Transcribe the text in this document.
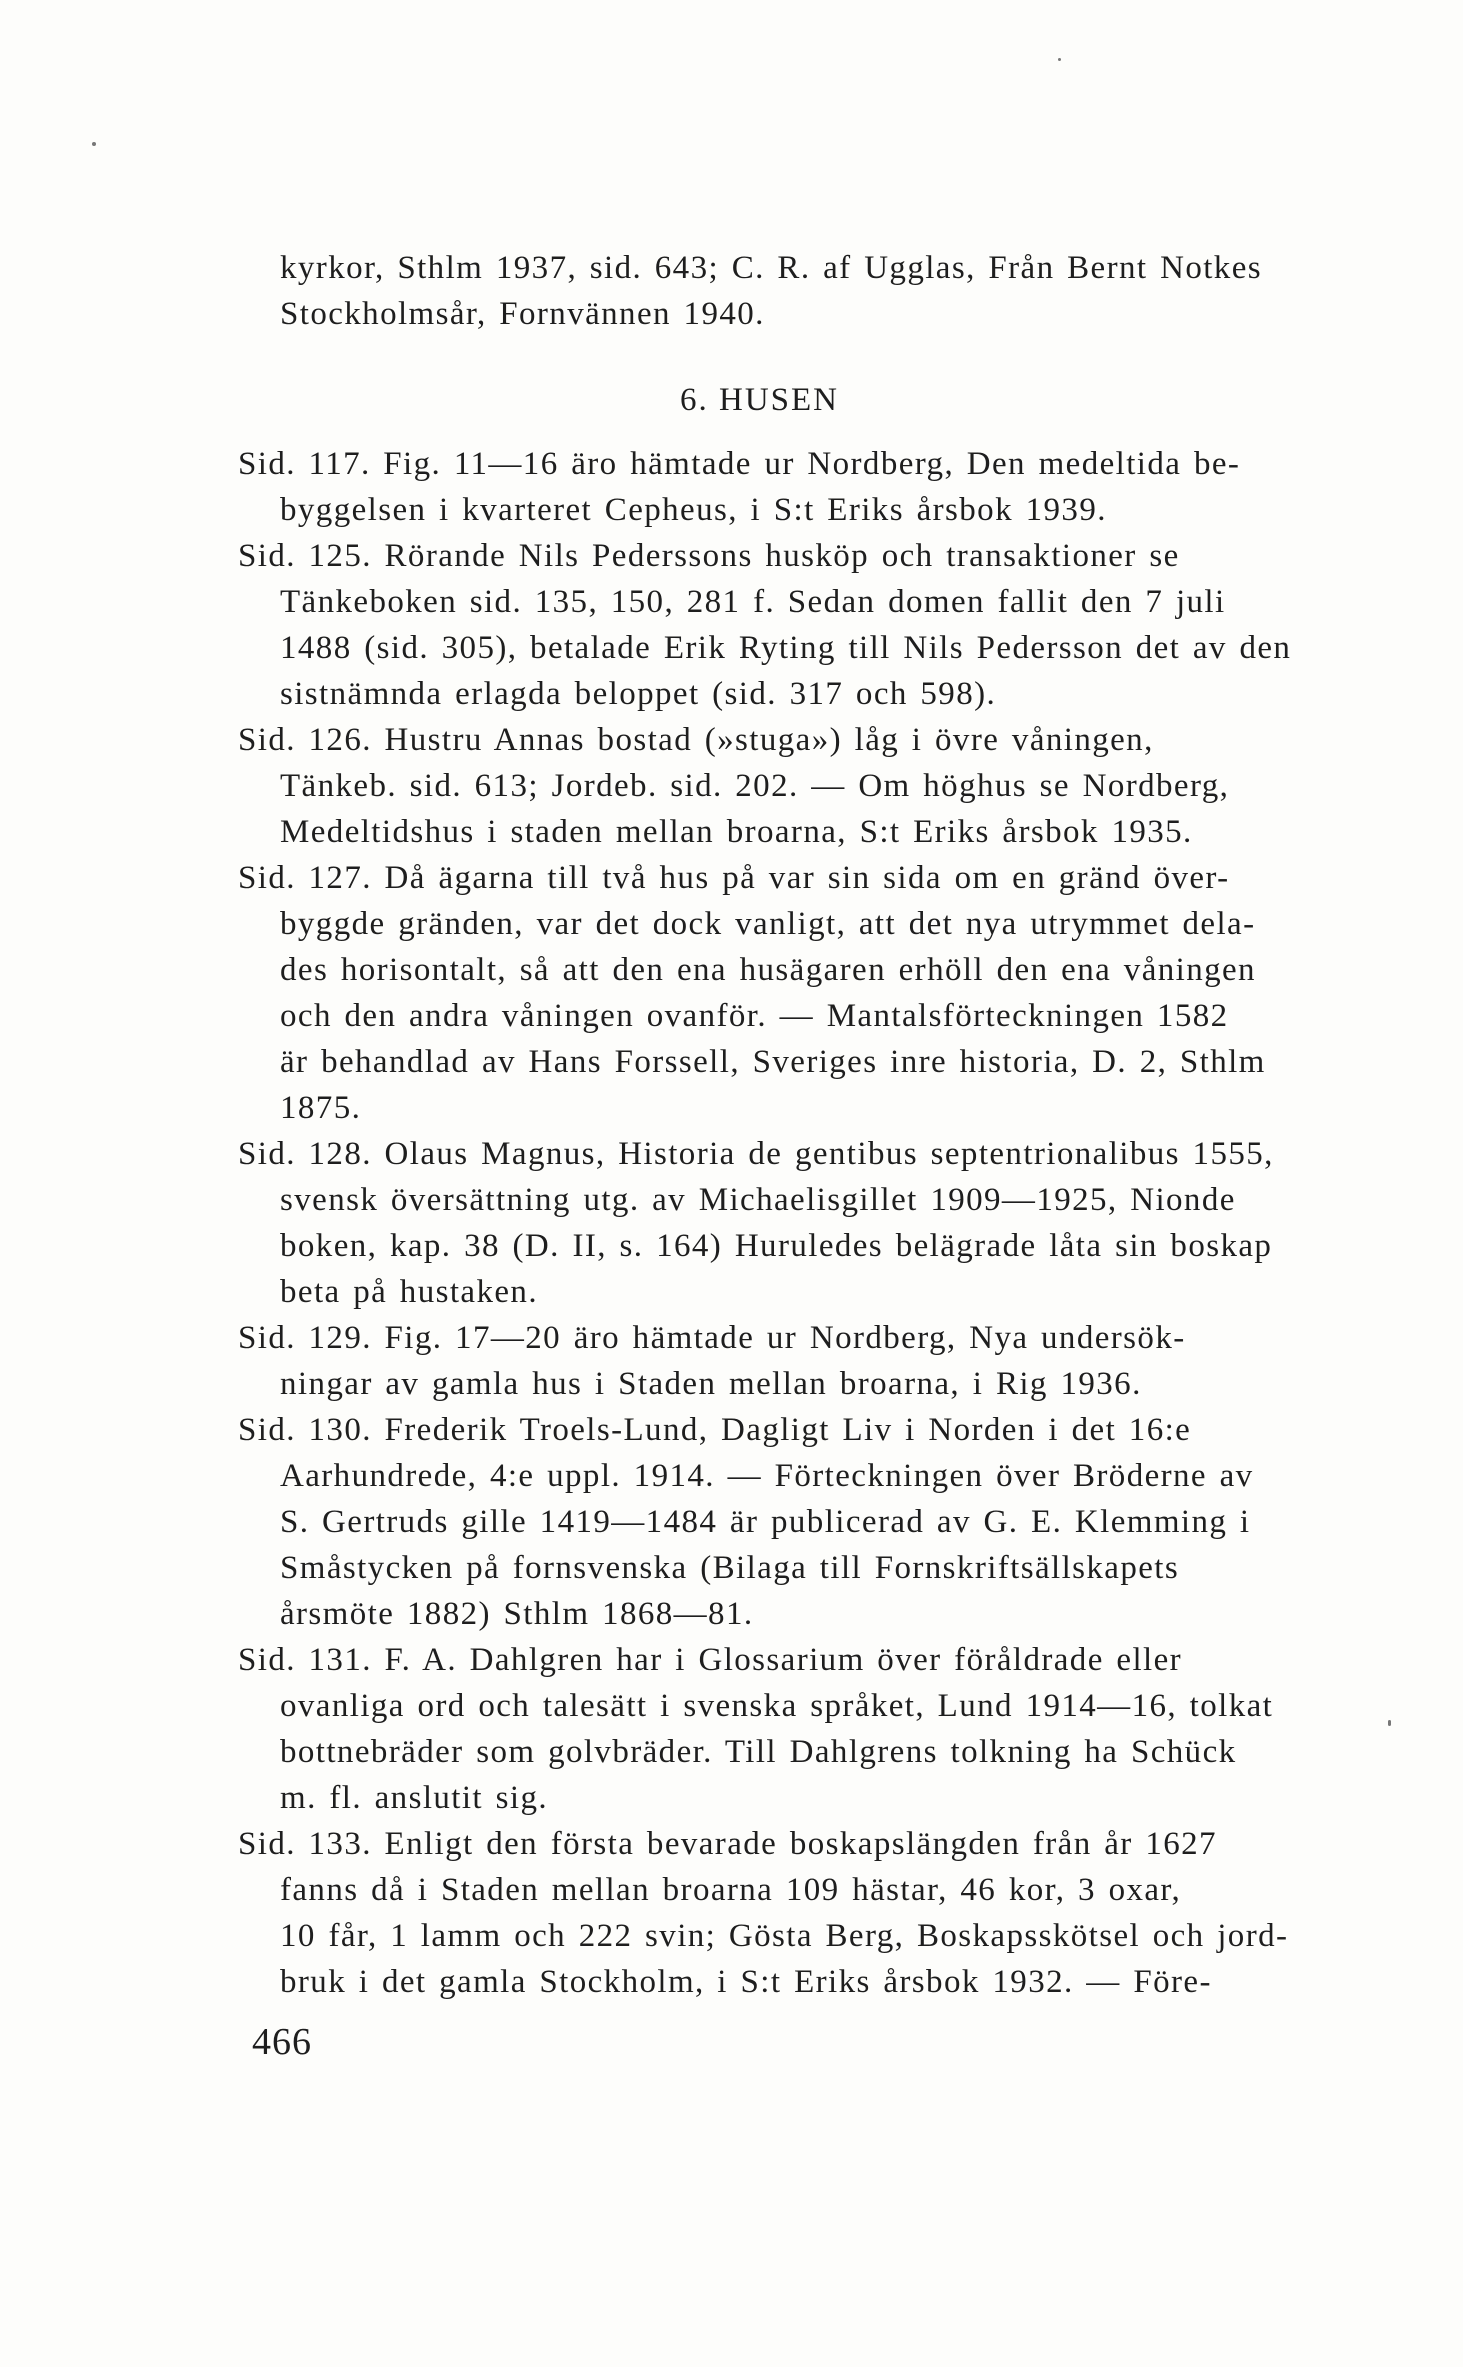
kyrkor, Sthlm 1937, sid. 643; C. R. af Ugglas, Från Bernt Notkes
Stockholmsår, Fornvännen 1940.
6. HUSEN
Sid. 117. Fig. 11—16 äro hämtade ur Nordberg, Den medeltida be-
byggelsen i kvarteret Cepheus, i S:t Eriks årsbok 1939.
Sid. 125. Rörande Nils Pederssons husköp och transaktioner se
Tänkeboken sid. 135, 150, 281 f. Sedan domen fallit den 7 juli
1488 (sid. 305), betalade Erik Ryting till Nils Pedersson det av den
sistnämnda erlagda beloppet (sid. 317 och 598).
Sid. 126. Hustru Annas bostad (»stuga») låg i övre våningen,
Tänkeb. sid. 613; Jordeb. sid. 202. — Om höghus se Nordberg,
Medeltidshus i staden mellan broarna, S:t Eriks årsbok 1935.
Sid. 127. Då ägarna till två hus på var sin sida om en gränd över-
byggde gränden, var det dock vanligt, att det nya utrymmet dela-
des horisontalt, så att den ena husägaren erhöll den ena våningen
och den andra våningen ovanför. — Mantalsförteckningen 1582
är behandlad av Hans Forssell, Sveriges inre historia, D. 2, Sthlm
1875.
Sid. 128. Olaus Magnus, Historia de gentibus septentrionalibus 1555,
svensk översättning utg. av Michaelisgillet 1909—1925, Nionde
boken, kap. 38 (D. II, s. 164) Huruledes belägrade låta sin boskap
beta på hustaken.
Sid. 129. Fig. 17—20 äro hämtade ur Nordberg, Nya undersök-
ningar av gamla hus i Staden mellan broarna, i Rig 1936.
Sid. 130. Frederik Troels-Lund, Dagligt Liv i Norden i det 16:e
Aarhundrede, 4:e uppl. 1914. — Förteckningen över Bröderne av
S. Gertruds gille 1419—1484 är publicerad av G. E. Klemming i
Småstycken på fornsvenska (Bilaga till Fornskriftsällskapets
årsmöte 1882) Sthlm 1868—81.
Sid. 131. F. A. Dahlgren har i Glossarium över föråldrade eller
ovanliga ord och talesätt i svenska språket, Lund 1914—16, tolkat
bottnebräder som golvbräder. Till Dahlgrens tolkning ha Schück
m. fl. anslutit sig.
Sid. 133. Enligt den första bevarade boskapslängden från år 1627
fanns då i Staden mellan broarna 109 hästar, 46 kor, 3 oxar,
10 får, 1 lamm och 222 svin; Gösta Berg, Boskapsskötsel och jord-
bruk i det gamla Stockholm, i S:t Eriks årsbok 1932. — Före-
466
